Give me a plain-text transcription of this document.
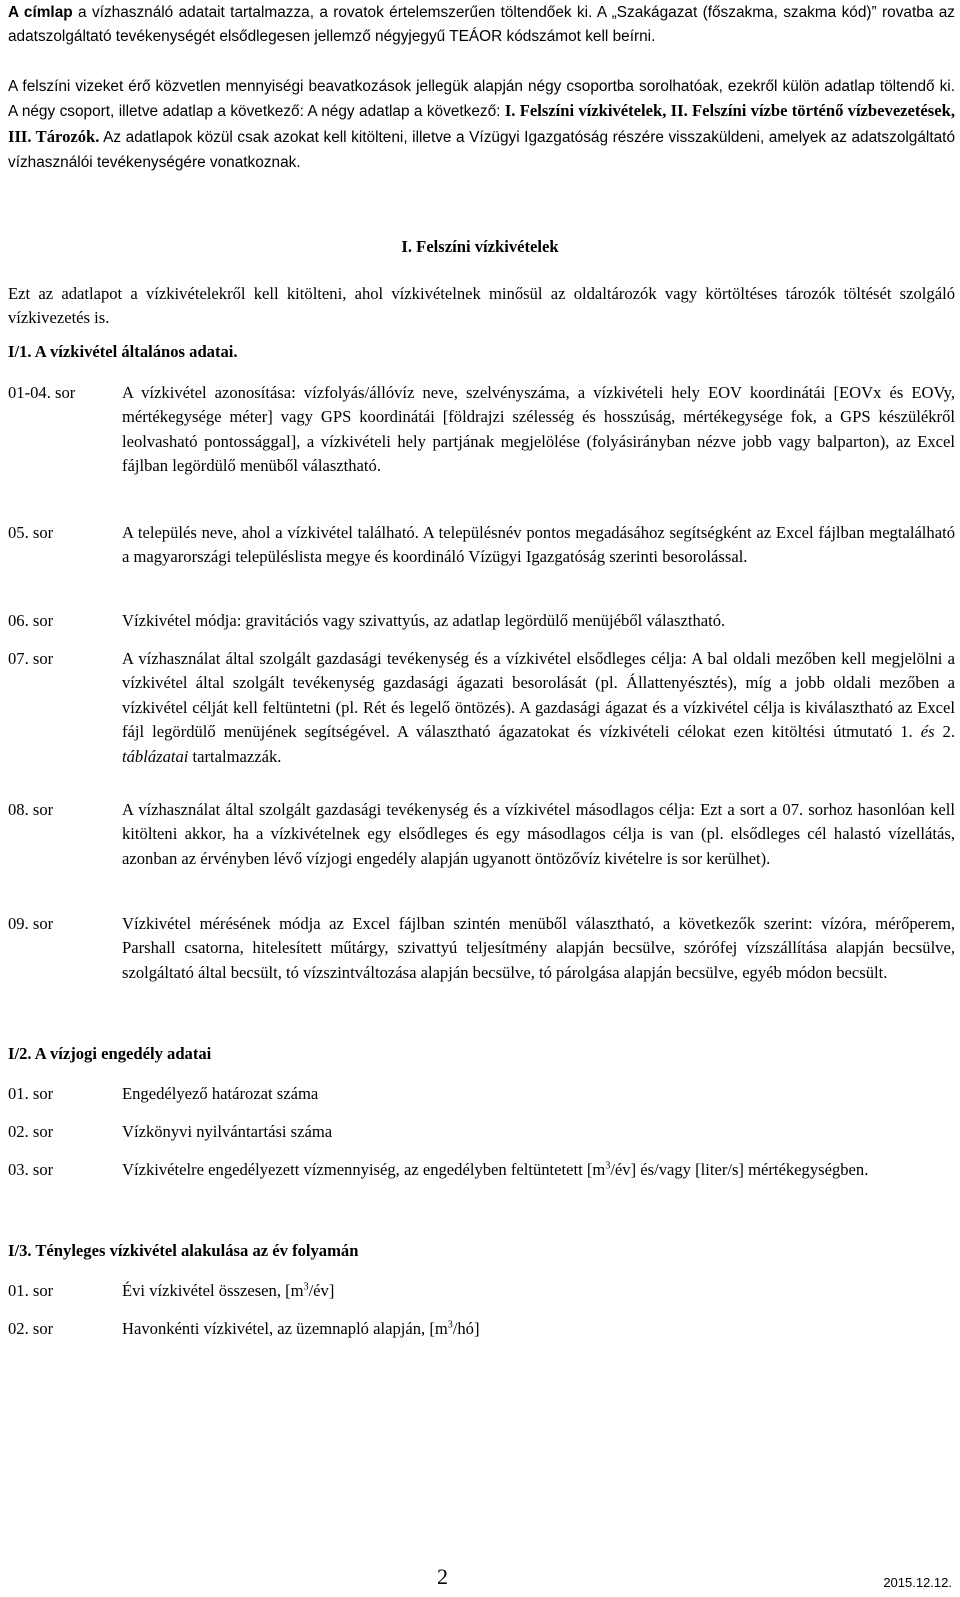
A címlap a vízhasználó adatait tartalmazza, a rovatok értelemszerűen töltendőek ki. A „Szakágazat (főszakma, szakma kód)” rovatba az adatszolgáltató tevékenységét elsődlegesen jellemző négyjegyű TEÁOR kódszámot kell beírni.
A felszíni vizeket érő közvetlen mennyiségi beavatkozások jellegük alapján négy csoportba sorolhatóak, ezekről külön adatlap töltendő ki. A négy csoport, illetve adatlap a következő: A négy adatlap a következő: I. Felszíni vízkivételek, II. Felszíni vízbe történő vízbevezetések, III. Tározók. Az adatlapok közül csak azokat kell kitölteni, illetve a Vízügyi Igazgatóság részére visszaküldeni, amelyek az adatszolgáltató vízhasználói tevékenységére vonatkoznak.
I. Felszíni vízkivételek
Ezt az adatlapot a vízkivételekről kell kitölteni, ahol vízkivételnek minősül az oldaltározók vagy körtöltéses tározók töltését szolgáló vízkivezetés is.
I/1. A vízkivétel általános adatai.
01-04. sor	A vízkivétel azonosítása: vízfolyás/állóvíz neve, szelvényszáma, a vízkivételi hely EOV koordinátái [EOVx és EOVy, mértékegysége méter] vagy GPS koordinátái [földrajzi szélesség és hosszúság, mértékegysége fok, a GPS készülékről leolvasható pontossággal], a vízkivételi hely partjának megjelölése (folyásirányban nézve jobb vagy balparton), az Excel fájlban legördülő menüből választható.
05. sor	A település neve, ahol a vízkivétel található. A településnév pontos megadásához segítségként az Excel fájlban megtalálható a magyarországi településlista megye és koordináló Vízügyi Igazgatóság szerinti besorolással.
06. sor	Vízkivétel módja: gravitációs vagy szivattyús, az adatlap legördülő menüjéből választható.
07. sor	A vízhasználat által szolgált gazdasági tevékenység és a vízkivétel elsődleges célja: A bal oldali mezőben kell megjelölni a vízkivétel által szolgált tevékenység gazdasági ágazati besorolását (pl. Állattenyésztés), míg a jobb oldali mezőben a vízkivétel célját kell feltüntetni (pl. Rét és legelő öntözés). A gazdasági ágazat és a vízkivétel célja is kiválasztható az Excel fájl legördülő menüjének segítségével. A választható ágazatokat és vízkivételi célokat ezen kitöltési útmutató 1. és 2. táblázatai tartalmazzák.
08. sor	A vízhasználat által szolgált gazdasági tevékenység és a vízkivétel másodlagos célja: Ezt a sort a 07. sorhoz hasonlóan kell kitölteni akkor, ha a vízkivételnek egy elsődleges és egy másodlagos célja is van (pl. elsődleges cél halastó vízellátás, azonban az érvényben lévő vízjogi engedély alapján ugyanott öntözővíz kivételre is sor kerülhet).
09. sor	Vízkivétel mérésének módja az Excel fájlban szintén menüből választható, a következők szerint: vízóra, mérőperem, Parshall csatorna, hitelesített műtárgy, szivattyú teljesítmény alapján becsülve, szórófej vízszállítása alapján becsülve, szolgáltató által becsült, tó vízszintváltozása alapján becsülve, tó párolgása alapján becsülve, egyéb módon becsült.
I/2. A vízjogi engedély adatai
01. sor	Engedélyező határozat száma
02. sor	Vízkönyvi nyilvántartási száma
03. sor	Vízkivételre engedélyezett vízmennyiség, az engedélyben feltüntetett $[m^3/év]$ és/vagy [liter/s] mértékegységben.
I/3. Tényleges vízkivétel alakulása az év folyamán
01. sor	Évi vízkivétel összesen, $[m^3/év]$
02. sor	Havonkénti vízkivétel, az üzemnapló alapján, $[m^3/hó]$
2	2015.12.12.
